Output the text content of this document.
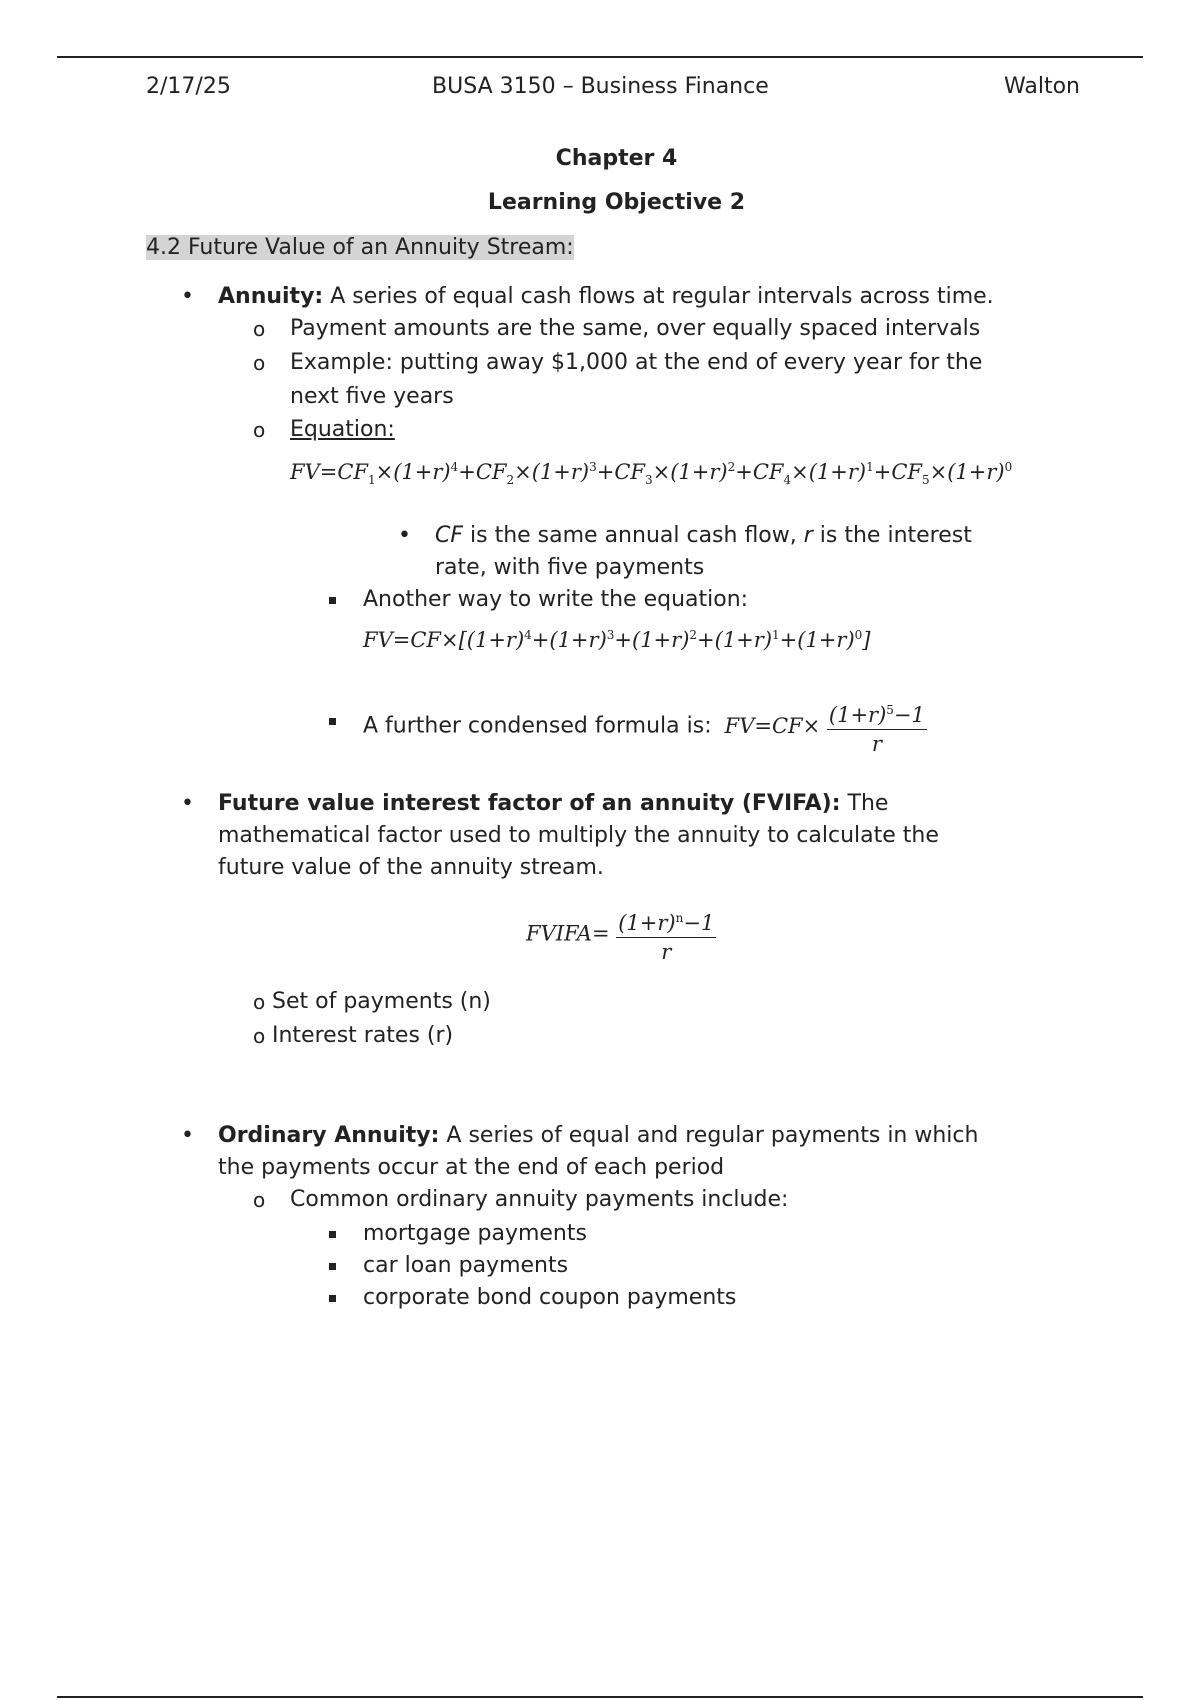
2/17/25	BUSA 3150 – Business Finance	Walton
Chapter 4
Learning Objective 2
4.2 Future Value of an Annuity Stream:
• Annuity: A series of equal cash flows at regular intervals across time.
o Payment amounts are the same, over equally spaced intervals
o Example: putting away $1,000 at the end of every year for the
next five years
o Equation:
$FV=CF_1\times(1+r)^4+CF_2\times(1+r)^3+CF_3\times(1+r)^2+CF_4\times(1+r)^1+CF_5\times(1+r)^0$
• CF is the same annual cash flow, r is the interest
rate, with five payments
Another way to write the equation:
$FV=CF\times[(1+r)^4+(1+r)^3+(1+r)^2+(1+r)^1+(1+r)^0]$
A further condensed formula is: $FV=CF\times \frac{(1+r)^5-1}{r}$
• Future value interest factor of an annuity (FVIFA): The
mathematical factor used to multiply the annuity to calculate the
future value of the annuity stream.
FVIFA= $\frac{(1+r)^n-1}{r}$
o Set of payments (n)
o Interest rates (r)
• Ordinary Annuity: A series of equal and regular payments in which
the payments occur at the end of each period
o Common ordinary annuity payments include:
mortgage payments
car loan payments
corporate bond coupon payments
